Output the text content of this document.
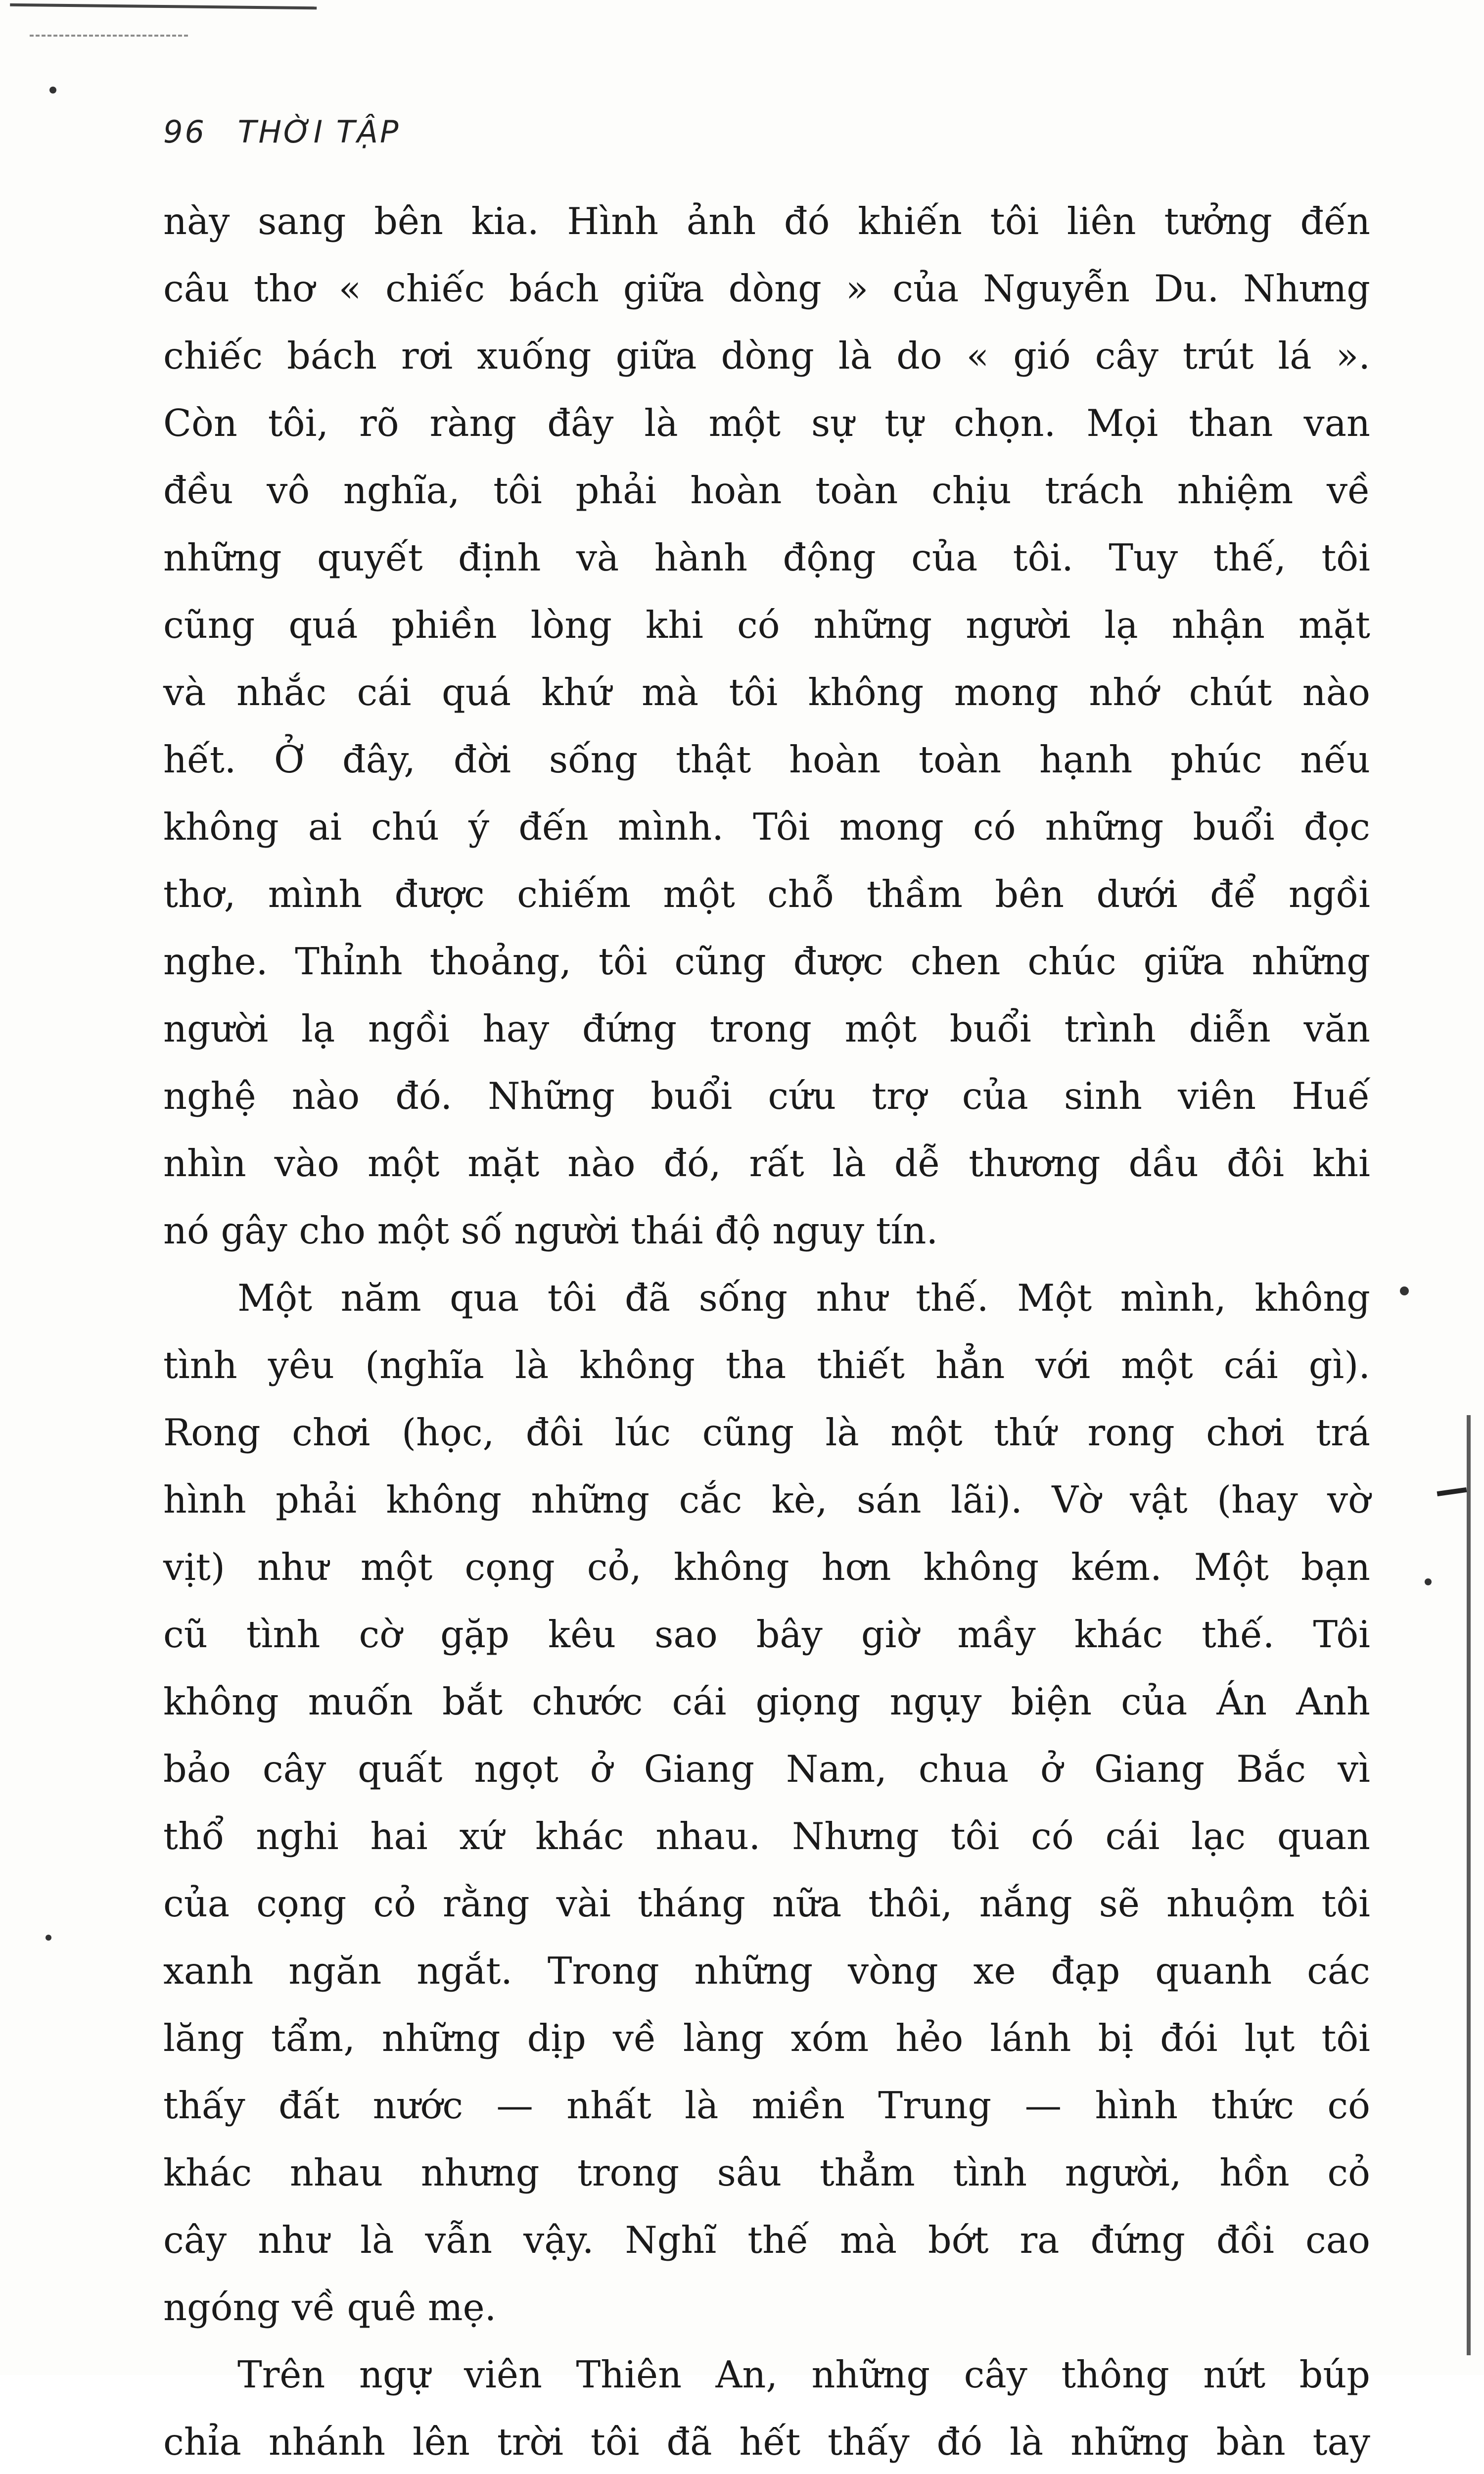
96 THỜI TẬP
này sang bên kia. Hình ảnh đó khiến tôi liên tưởng đến
câu thơ « chiếc bách giữa dòng » của Nguyễn Du. Nhưng
chiếc bách rơi xuống giữa dòng là do « gió cây trút lá ».
Còn tôi, rõ ràng đây là một sự tự chọn. Mọi than van
đều vô nghĩa, tôi phải hoàn toàn chịu trách nhiệm về
những quyết định và hành động của tôi. Tuy thế, tôi
cũng quá phiền lòng khi có những người lạ nhận mặt
và nhắc cái quá khứ mà tôi không mong nhớ chút nào
hết. Ở đây, đời sống thật hoàn toàn hạnh phúc nếu
không ai chú ý đến mình. Tôi mong có những buổi đọc
thơ, mình được chiếm một chỗ thầm bên dưới để ngồi
nghe. Thỉnh thoảng, tôi cũng được chen chúc giữa những
người lạ ngồi hay đứng trong một buổi trình diễn văn
nghệ nào đó. Những buổi cứu trợ của sinh viên Huế
nhìn vào một mặt nào đó, rất là dễ thương dầu đôi khi
nó gây cho một số người thái độ nguy tín.
Một năm qua tôi đã sống như thế. Một mình, không
tình yêu (nghĩa là không tha thiết hẳn với một cái gì).
Rong chơi (học, đôi lúc cũng là một thứ rong chơi trá
hình phải không những cắc kè, sán lãi). Vờ vật (hay vờ
vịt) như một cọng cỏ, không hơn không kém. Một bạn
cũ tình cờ gặp kêu sao bây giờ mầy khác thế. Tôi
không muốn bắt chước cái giọng ngụy biện của Án Anh
bảo cây quất ngọt ở Giang Nam, chua ở Giang Bắc vì
thổ nghi hai xứ khác nhau. Nhưng tôi có cái lạc quan
của cọng cỏ rằng vài tháng nữa thôi, nắng sẽ nhuộm tôi
xanh ngăn ngắt. Trong những vòng xe đạp quanh các
lăng tẩm, những dịp về làng xóm hẻo lánh bị đói lụt tôi
thấy đất nước — nhất là miền Trung — hình thức có
khác nhau nhưng trong sâu thẳm tình người, hồn cỏ
cây như là vẫn vậy. Nghĩ thế mà bớt ra đứng đồi cao
ngóng về quê mẹ.
Trên ngự viên Thiên An, những cây thông nứt búp
chỉa nhánh lên trời tôi đã hết thấy đó là những bàn tay
